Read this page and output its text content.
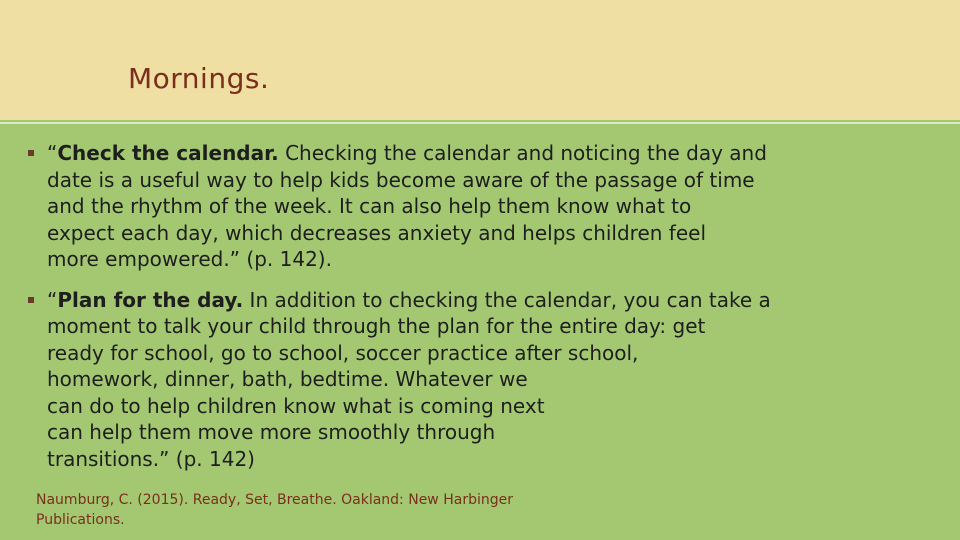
Mornings.
“Check the calendar. Checking the calendar and noticing the day and
date is a useful way to help kids become aware of the passage of time
and the rhythm of the week. It can also help them know what to
expect each day, which decreases anxiety and helps children feel
more empowered.” (p. 142).
“Plan for the day. In addition to checking the calendar, you can take a
moment to talk your child through the plan for the entire day: get
ready for school, go to school, soccer practice after school,
homework, dinner, bath, bedtime. Whatever we
can do to help children know what is coming next
can help them move more smoothly through
transitions.” (p. 142)
Naumburg, C. (2015). Ready, Set, Breathe. Oakland: New Harbinger
Publications.
